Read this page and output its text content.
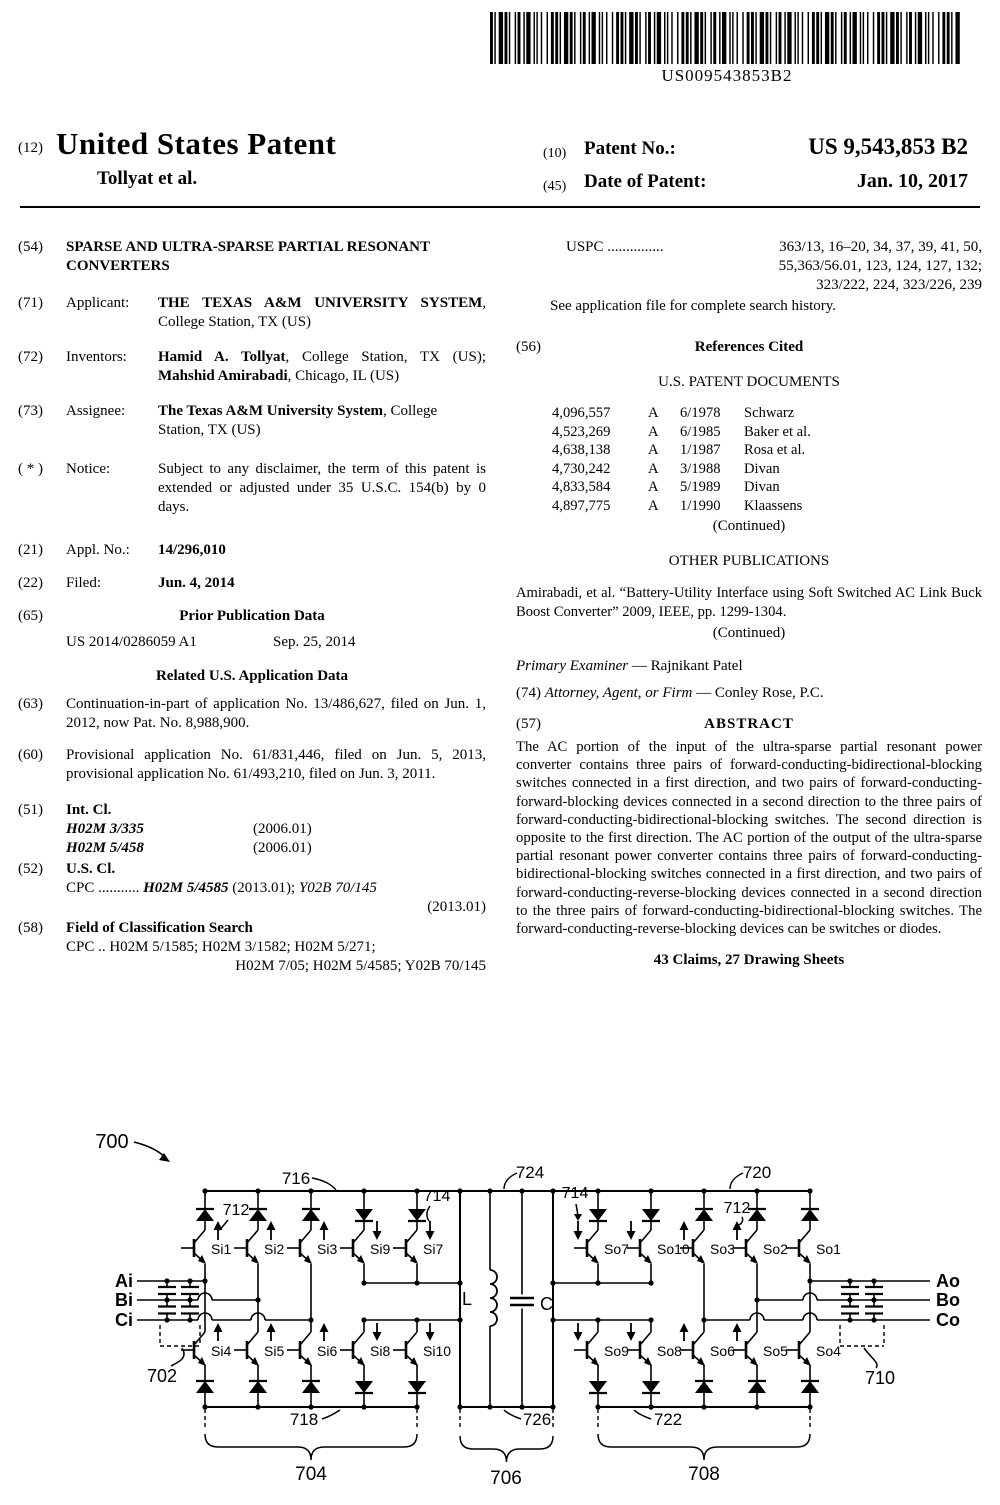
US009543853B2
(12) United States Patent
Tollyat et al.
(10) Patent No.:	US 9,543,853 B2
(45) Date of Patent:	Jan. 10, 2017
(54)	SPARSE AND ULTRA-SPARSE PARTIAL RESONANT CONVERTERS
(71)	Applicant:	THE TEXAS A&M UNIVERSITY SYSTEM, College Station, TX (US)
(72)	Inventors:	Hamid A. Tollyat, College Station, TX (US); Mahshid Amirabadi, Chicago, IL (US)
(73)	Assignee:	The Texas A&M University System, College Station, TX (US)
( * )	Notice:	Subject to any disclaimer, the term of this patent is extended or adjusted under 35 U.S.C. 154(b) by 0 days.
(21)	Appl. No.:	14/296,010
(22)	Filed:	Jun. 4, 2014
(65)	Prior Publication Data
US 2014/0286059 A1	Sep. 25, 2014
Related U.S. Application Data
(63)	Continuation-in-part of application No. 13/486,627, filed on Jun. 1, 2012, now Pat. No. 8,988,900.
(60)	Provisional application No. 61/831,446, filed on Jun. 5, 2013, provisional application No. 61/493,210, filed on Jun. 3, 2011.
(51)	Int. Cl.
H02M 3/335	(2006.01)
H02M 5/458	(2006.01)
(52)	U.S. Cl.
CPC ........... H02M 5/4585 (2013.01); Y02B 70/145
(2013.01)
(58)	Field of Classification Search
CPC .. H02M 5/1585; H02M 3/1582; H02M 5/271;
H02M 7/05; H02M 5/4585; Y02B 70/145
USPC ...............	363/13, 16–20, 34, 37, 39, 41, 50,
55,363/56.01, 123, 124, 127, 132;
323/222, 224, 323/226, 239
See application file for complete search history.
(56)	References Cited
U.S. PATENT DOCUMENTS
4,096,557	A	6/1978	Schwarz
4,523,269	A	6/1985	Baker et al.
4,638,138	A	1/1987	Rosa et al.
4,730,242	A	3/1988	Divan
4,833,584	A	5/1989	Divan
4,897,775	A	1/1990	Klaassens
(Continued)
OTHER PUBLICATIONS
Amirabadi, et al. “Battery-Utility Interface using Soft Switched AC Link Buck Boost Converter” 2009, IEEE, pp. 1299-1304.
(Continued)
Primary Examiner — Rajnikant Patel
(74) Attorney, Agent, or Firm — Conley Rose, P.C.
(57)	ABSTRACT
The AC portion of the input of the ultra-sparse partial resonant power converter contains three pairs of forward-conducting-bidirectional-blocking switches connected in a first direction, and two pairs of forward-conducting-forward-blocking devices connected in a second direction to the three pairs of forward-conducting-bidirectional-blocking switches. The second direction is opposite to the first direction. The AC portion of the output of the ultra-sparse partial resonant power converter contains three pairs of forward-conducting-bidirectional-blocking switches connected in a first direction, and two pairs of forward-conducting-reverse-blocking devices connected in a second direction to the three pairs of forward-conducting-bidirectional-blocking switches. The forward-conducting-reverse-blocking devices can be switches or diodes.
43 Claims, 27 Drawing Sheets
704	706	708
Si1
Si4
So7
So9
Si2
Si5
So10
So8
Si3
Si6
So3
So6
Si9
Si8
So2
So5
Si7
Si10
So1
So4
Ai
Bi
Ci
702
L	C
Ao
Bo
Co
710
700
716
712
714
724
714
720
712
718	726	722
